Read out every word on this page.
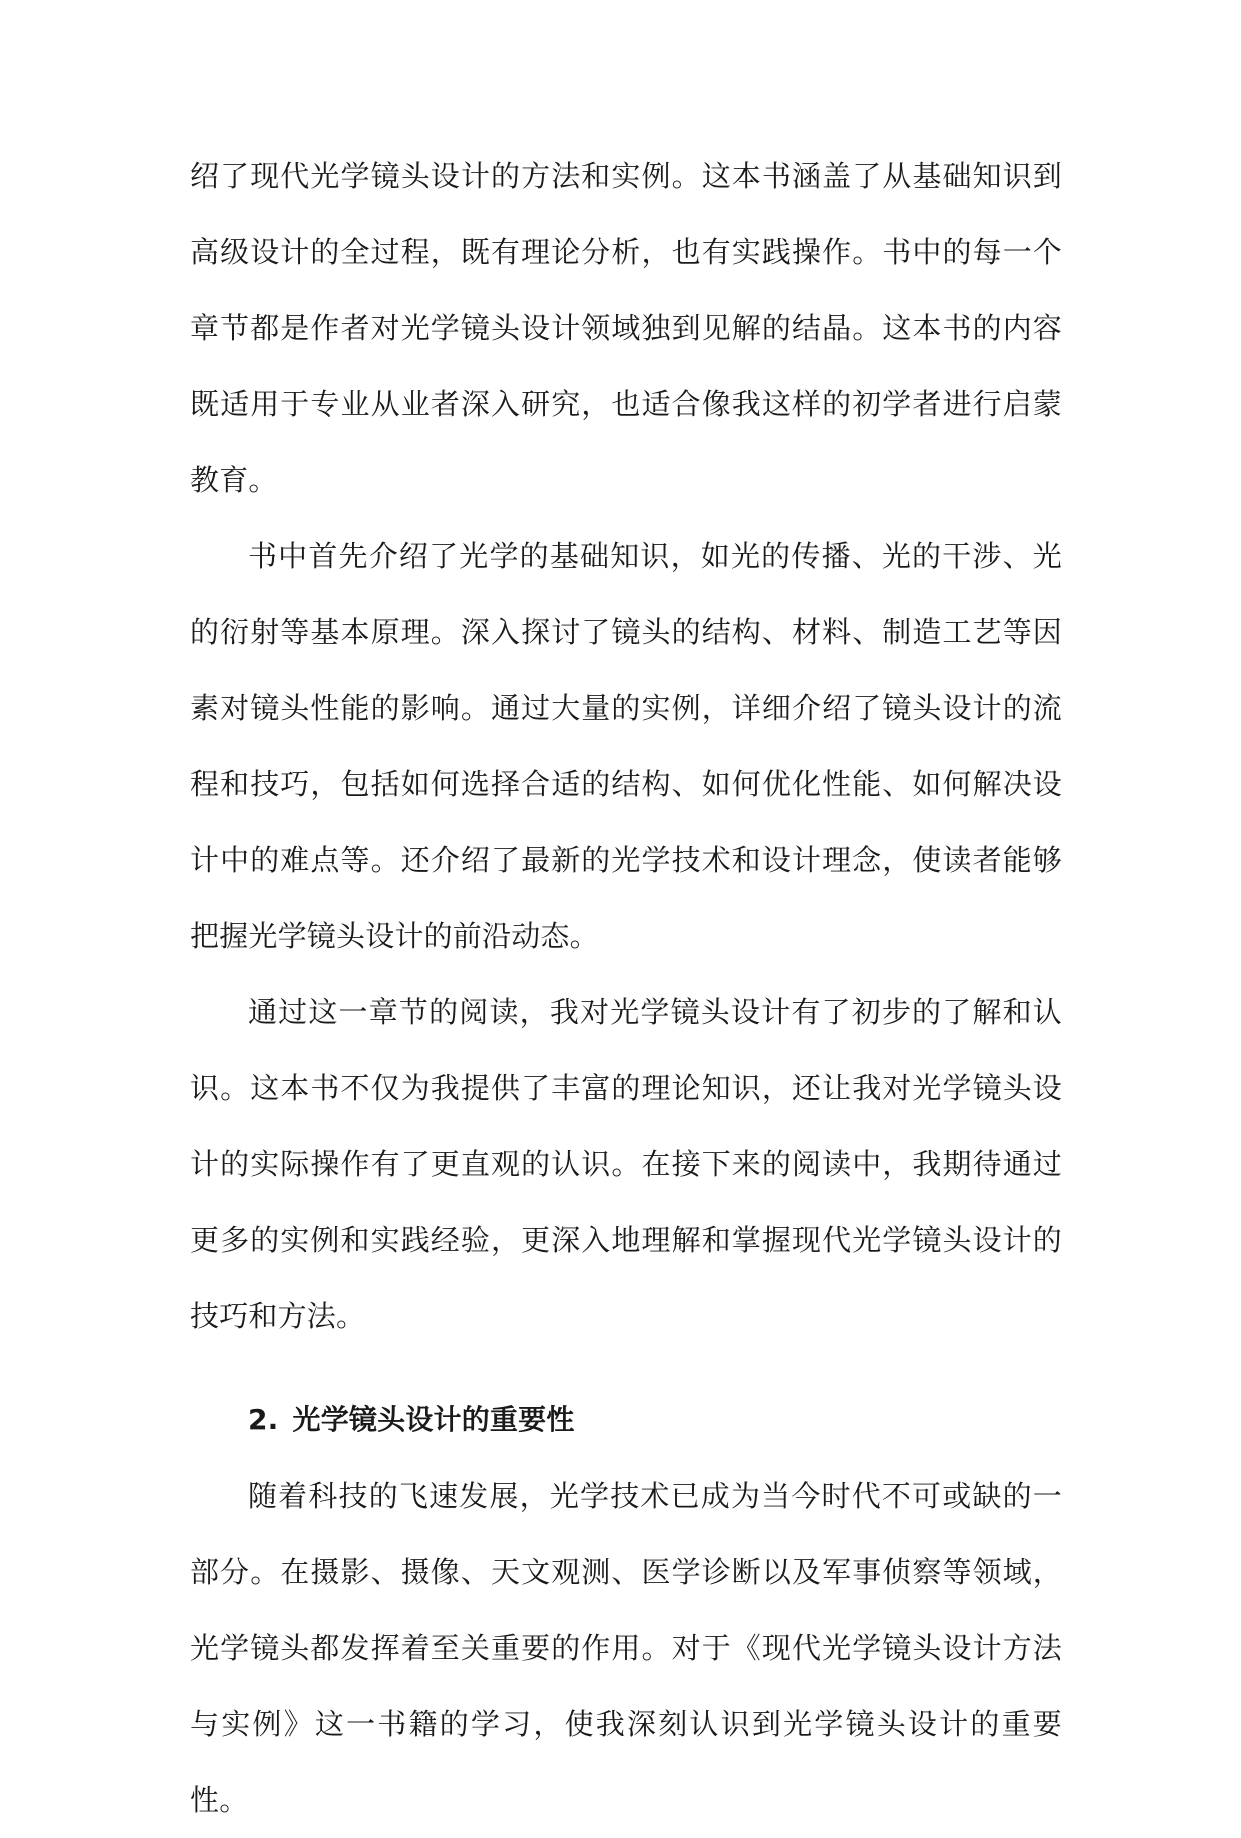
绍了现代光学镜头设计的方法和实例。这本书涵盖了从基础知识到高级设计的全过程，既有理论分析，也有实践操作。书中的每一个章节都是作者对光学镜头设计领域独到见解的结晶。这本书的内容既适用于专业从业者深入研究，也适合像我这样的初学者进行启蒙教育。

书中首先介绍了光学的基础知识，如光的传播、光的干涉、光的衍射等基本原理。深入探讨了镜头的结构、材料、制造工艺等因素对镜头性能的影响。通过大量的实例，详细介绍了镜头设计的流程和技巧，包括如何选择合适的结构、如何优化性能、如何解决设计中的难点等。还介绍了最新的光学技术和设计理念，使读者能够把握光学镜头设计的前沿动态。

通过这一章节的阅读，我对光学镜头设计有了初步的了解和认识。这本书不仅为我提供了丰富的理论知识，还让我对光学镜头设计的实际操作有了更直观的认识。在接下来的阅读中，我期待通过更多的实例和实践经验，更深入地理解和掌握现代光学镜头设计的技巧和方法。

2. 光学镜头设计的重要性

随着科技的飞速发展，光学技术已成为当今时代不可或缺的一部分。在摄影、摄像、天文观测、医学诊断以及军事侦察等领域，光学镜头都发挥着至关重要的作用。对于《现代光学镜头设计方法与实例》这一书籍的学习，使我深刻认识到光学镜头设计的重要性。
